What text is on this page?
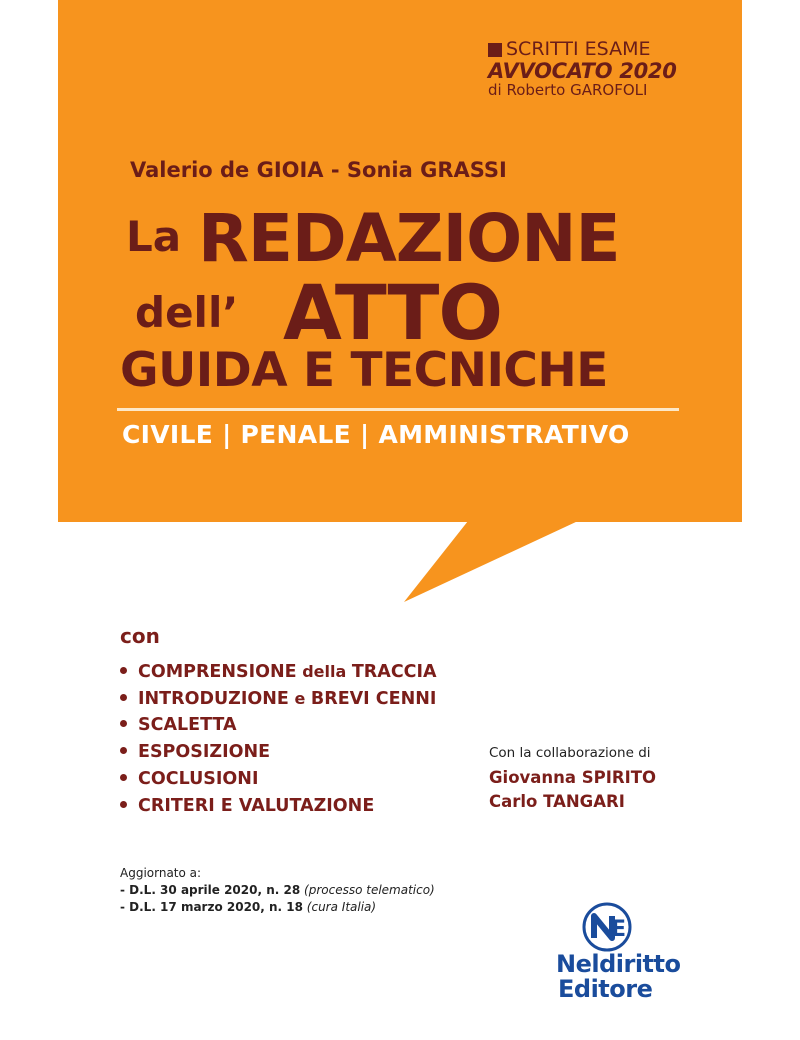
SCRITTI ESAME
AVVOCATO 2020
di Roberto GAROFOLI
Valerio de GIOIA - Sonia GRASSI
La REDAZIONE
dell’ ATTO
GUIDA E TECNICHE
CIVILE | PENALE | AMMINISTRATIVO
con
COMPRENSIONE della TRACCIA
INTRODUZIONE e BREVI CENNI
SCALETTA
ESPOSIZIONE
COCLUSIONI
CRITERI E VALUTAZIONE
Con la collaborazione di
Giovanna SPIRITO
Carlo TANGARI
Aggiornato a:
- D.L. 30 aprile 2020, n. 28 (processo telematico)
- D.L. 17 marzo 2020, n. 18 (cura Italia)
E
Neldiritto
Editore
